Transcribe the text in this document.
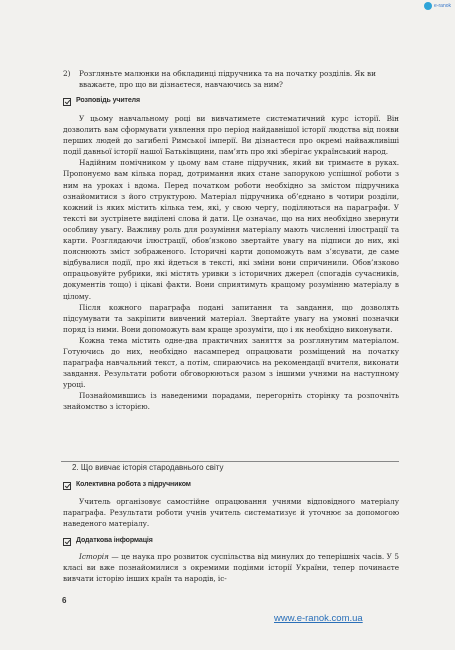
e-ranok
2)	Розгляньте малюнки на обкладинці підручника та на початку розділів. Як ви вважаєте, про що ви дізнаєтеся, навчаючись за ним?
Розповідь учителя

У цьому навчальному році ви вивчатимете систематичний курс історії. Він дозволить вам сформувати уявлення про період найдавнішої історії людства від появи перших людей до загибелі Римської імперії. Ви дізнаєтеся про окремі найважливіші події давньої історії нашої Батьківщини, пам’ять про які зберігає український народ.

Надійним помічником у цьому вам стане підручник, який ви тримаєте в руках. Пропонуємо вам кілька порад, дотримання яких стане запорукою успішної роботи з ним на уроках і вдома. Перед початком роботи необхідно за змістом підручника ознайомитися з його структурою. Матеріал підручника об’єднано в чотири розділи, кожний із яких містить кілька тем, які, у свою чергу, поділяються на параграфи. У тексті ви зустрінете виділені слова й дати. Це означає, що на них необхідно звернути особливу увагу. Важливу роль для розуміння матеріалу мають численні ілюстрації та карти. Розглядаючи ілюстрації, обов’язково звертайте увагу на підписи до них, які пояснюють зміст зображеного. Історичні карти допоможуть вам з’ясувати, де саме відбувалися події, про які йдеться в тексті, які зміни вони спричинили. Обов’язково опрацьовуйте рубрики, які містять уривки з історичних джерел (спогадів сучасників, документів тощо) і цікаві факти. Вони сприятимуть кращому розумінню матеріалу в цілому.

Після кожного параграфа подані запитання та завдання, що дозволять підсумувати та закріпити вивчений матеріал. Звертайте увагу на умовні позначки поряд із ними. Вони допоможуть вам краще зрозуміти, що і як необхідно виконувати.

Кожна тема містить одне-два практичних заняття за розглянутим матеріалом. Готуючись до них, необхідно насамперед опрацювати розміщений на початку параграфа навчальний текст, а потім, спираючись на рекомендації вчителя, виконати завдання. Результати роботи обговорюються разом з іншими учнями на наступному уроці.

Познайомившись із наведеними порадами, перегорніть сторінку та розпочніть знайомство з історією.

2. Що вивчає історія стародавнього світу
Колективна робота з підручником

Учитель організовує самостійне опрацювання учнями відповідного матеріалу параграфа. Результати роботи учнів учитель систематизує й уточнює за допомогою наведеного матеріалу.

Додаткова інформація

Історія — це наука про розвиток суспільства від минулих до теперішніх часів. У 5 класі ви вже познайомилися з окремими подіями історії України, тепер починаєте вивчати історію інших країн та народів, іс-

6
www.e-ranok.com.ua
